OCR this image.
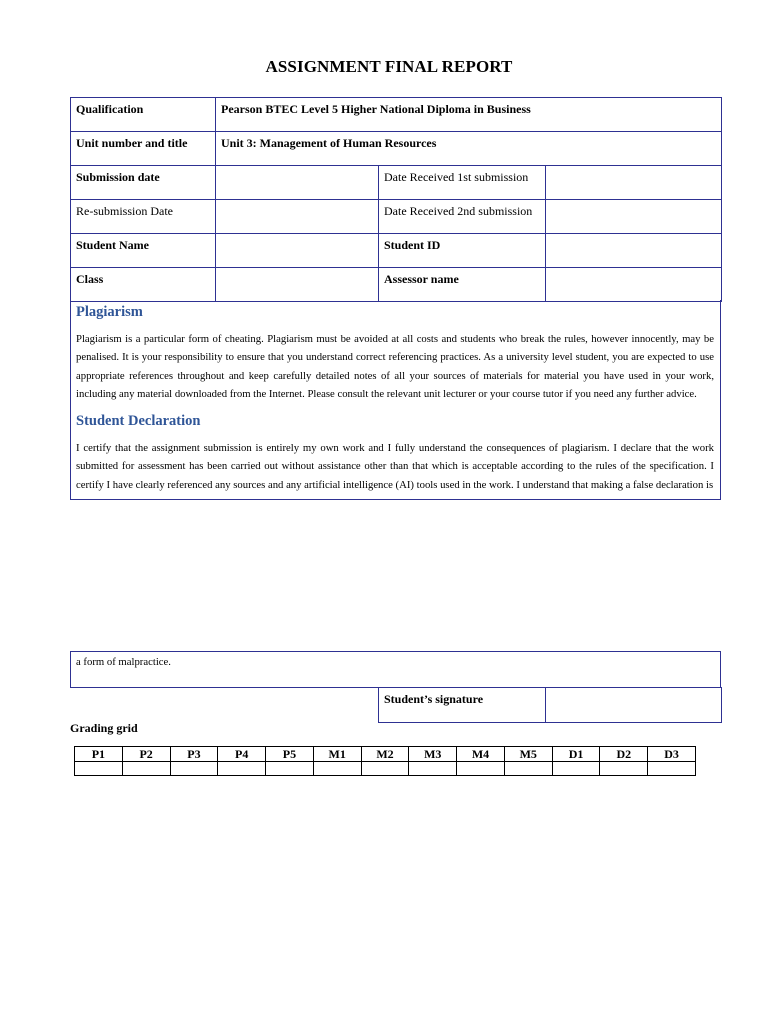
ASSIGNMENT FINAL REPORT
Qualification	Pearson BTEC Level 5 Higher National Diploma in Business		
Unit number and title	Unit 3: Management of Human Resources		
Submission date		Date Received 1st submission	
Re-submission Date		Date Received 2nd submission	
Student Name		Student ID	
Class		Assessor name	
Plagiarism

Plagiarism is a particular form of cheating. Plagiarism must be avoided at all costs and students who break the rules, however innocently, may be penalised. It is your responsibility to ensure that you understand correct referencing practices. As a university level student, you are expected to use appropriate references throughout and keep carefully detailed notes of all your sources of materials for material you have used in your work, including any material downloaded from the Internet. Please consult the relevant unit lecturer or your course tutor if you need any further advice.

Student Declaration

I certify that the assignment submission is entirely my own work and I fully understand the consequences of plagiarism. I declare that the work submitted for assessment has been carried out without assistance other than that which is acceptable according to the rules of the specification. I certify I have clearly referenced any sources and any artificial intelligence (AI) tools used in the work. I understand that making a false declaration is

a form of malpractice.
Student’s signature	
Grading grid
P1	P2	P3	P4	P5	M1	M2	M3	M4	M5	D1	D2	D3
